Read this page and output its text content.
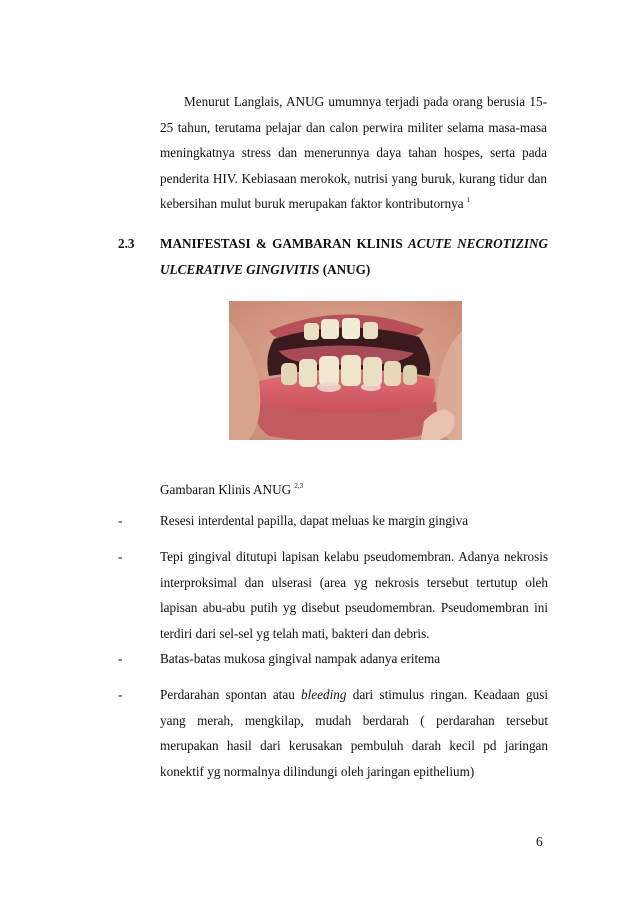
Menurut Langlais, ANUG umumnya terjadi pada orang berusia 15-25 tahun, terutama pelajar dan calon perwira militer selama masa-masa meningkatnya stress dan menerunnya daya tahan hospes, serta pada penderita HIV. Kebiasaan merokok, nutrisi yang buruk, kurang tidur dan kebersihan mulut buruk merupakan faktor kontributornya $^1$
2.3 MANIFESTASI & GAMBARAN KLINIS ACUTE NECROTIZING ULCERATIVE GINGIVITIS (ANUG)
Gambaran Klinis ANUG $^{2,3}$
-	Resesi interdental papilla, dapat meluas ke margin gingiva

-	Tepi gingival ditutupi lapisan kelabu pseudomembran. Adanya nekrosis interproksimal dan ulserasi (area yg nekrosis tersebut tertutup oleh lapisan abu-abu putih yg disebut pseudomembran. Pseudomembran ini terdiri dari sel-sel yg telah mati, bakteri dan debris.

-	Batas-batas mukosa gingival nampak adanya eritema

-	Perdarahan spontan atau bleeding dari stimulus ringan. Keadaan gusi yang merah, mengkilap, mudah berdarah ( perdarahan tersebut merupakan hasil dari kerusakan pembuluh darah kecil pd jaringan konektif yg normalnya dilindungi oleh jaringan epithelium)

6
